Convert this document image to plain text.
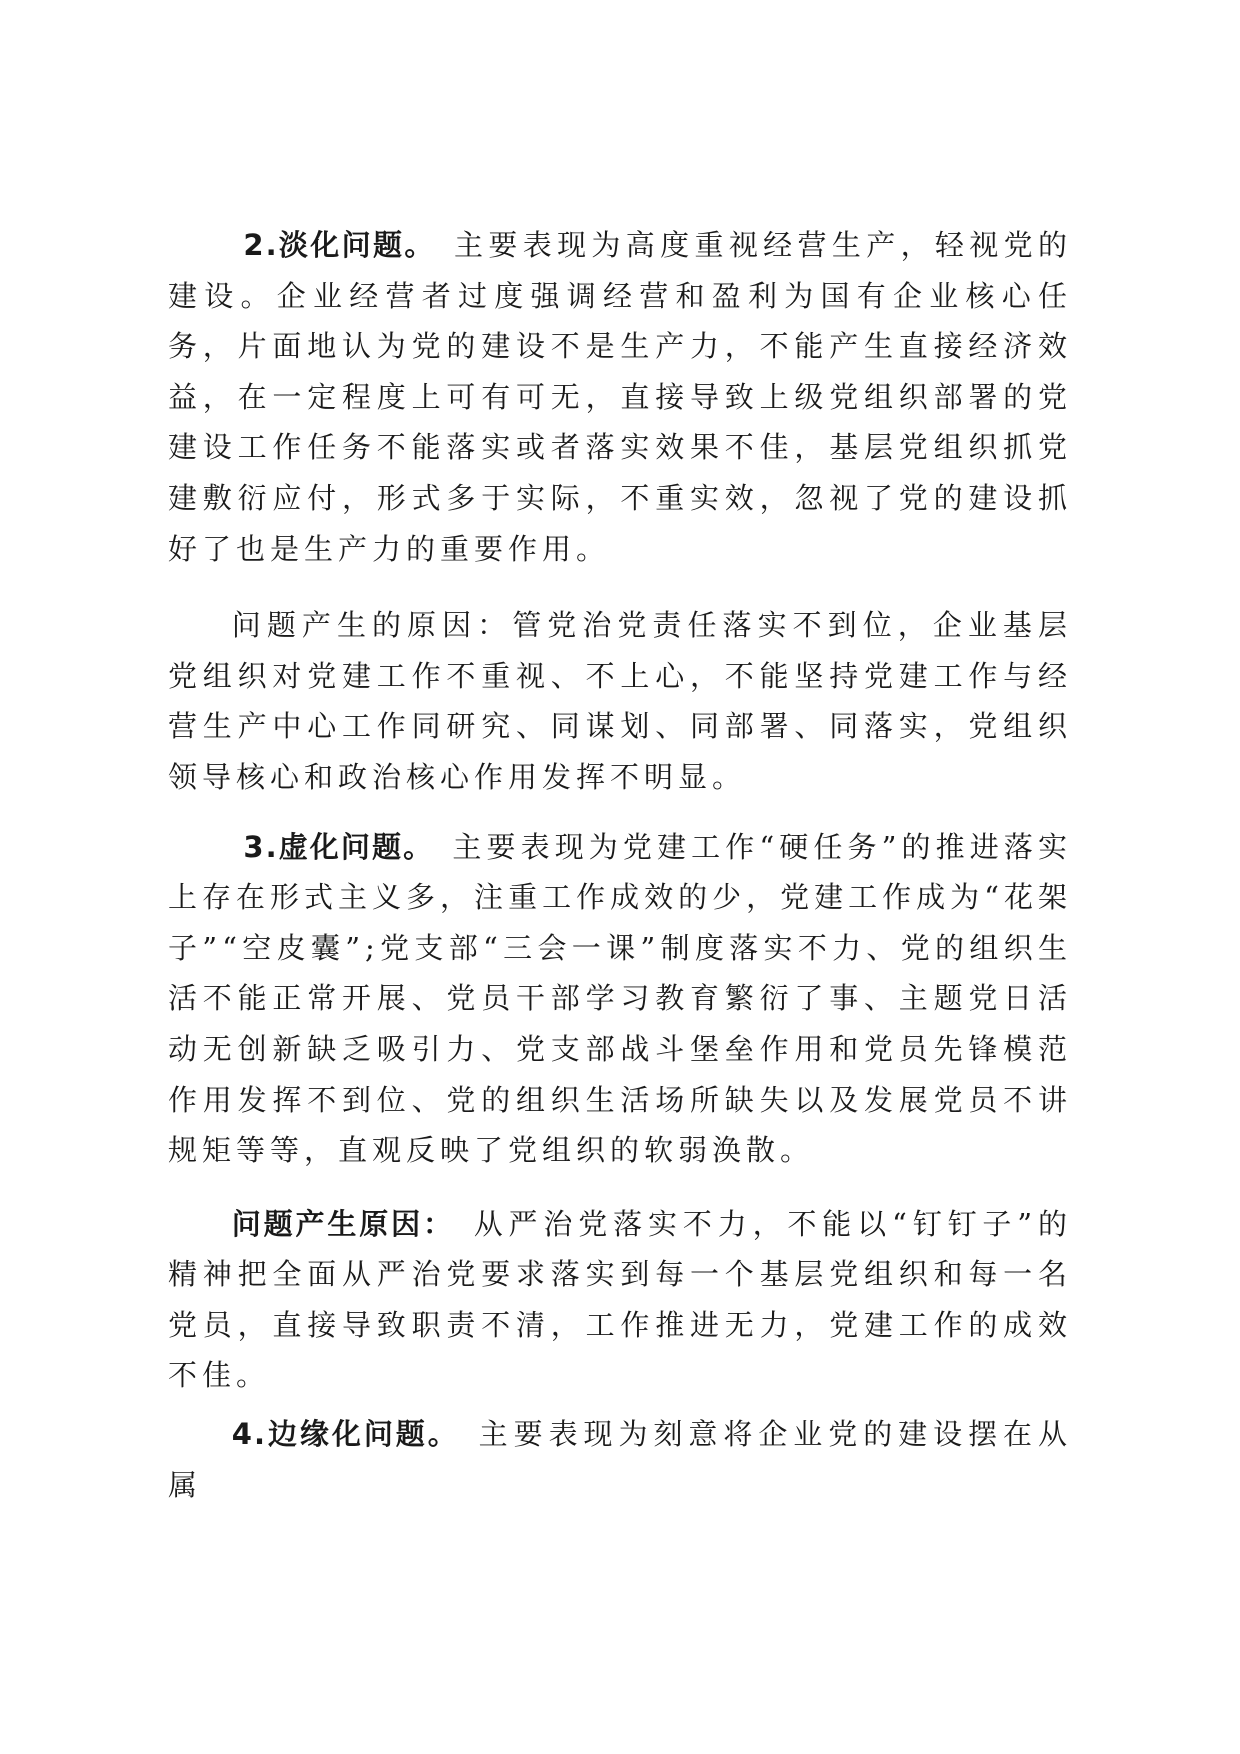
2.淡化问题。 主要表现为高度重视经营生产，轻视党的建设。企业经营者过度强调经营和盈利为国有企业核心任务，片面地认为党的建设不是生产力，不能产生直接经济效益，在一定程度上可有可无，直接导致上级党组织部署的党建设工作任务不能落实或者落实效果不佳，基层党组织抓党建敷衍应付，形式多于实际，不重实效，忽视了党的建设抓好了也是生产力的重要作用。

问题产生的原因：管党治党责任落实不到位，企业基层党组织对党建工作不重视、不上心，不能坚持党建工作与经营生产中心工作同研究、同谋划、同部署、同落实，党组织领导核心和政治核心作用发挥不明显。

3.虚化问题。 主要表现为党建工作“硬任务”的推进落实上存在形式主义多，注重工作成效的少，党建工作成为“花架子”“空皮囊”;党支部“三会一课”制度落实不力、党的组织生活不能正常开展、党员干部学习教育繁衍了事、主题党日活动无创新缺乏吸引力、党支部战斗堡垒作用和党员先锋模范作用发挥不到位、党的组织生活场所缺失以及发展党员不讲规矩等等，直观反映了党组织的软弱涣散。

问题产生原因： 从严治党落实不力，不能以“钉钉子”的精神把全面从严治党要求落实到每一个基层党组织和每一名党员，直接导致职责不清，工作推进无力，党建工作的成效不佳。

4.边缘化问题。 主要表现为刻意将企业党的建设摆在从属
